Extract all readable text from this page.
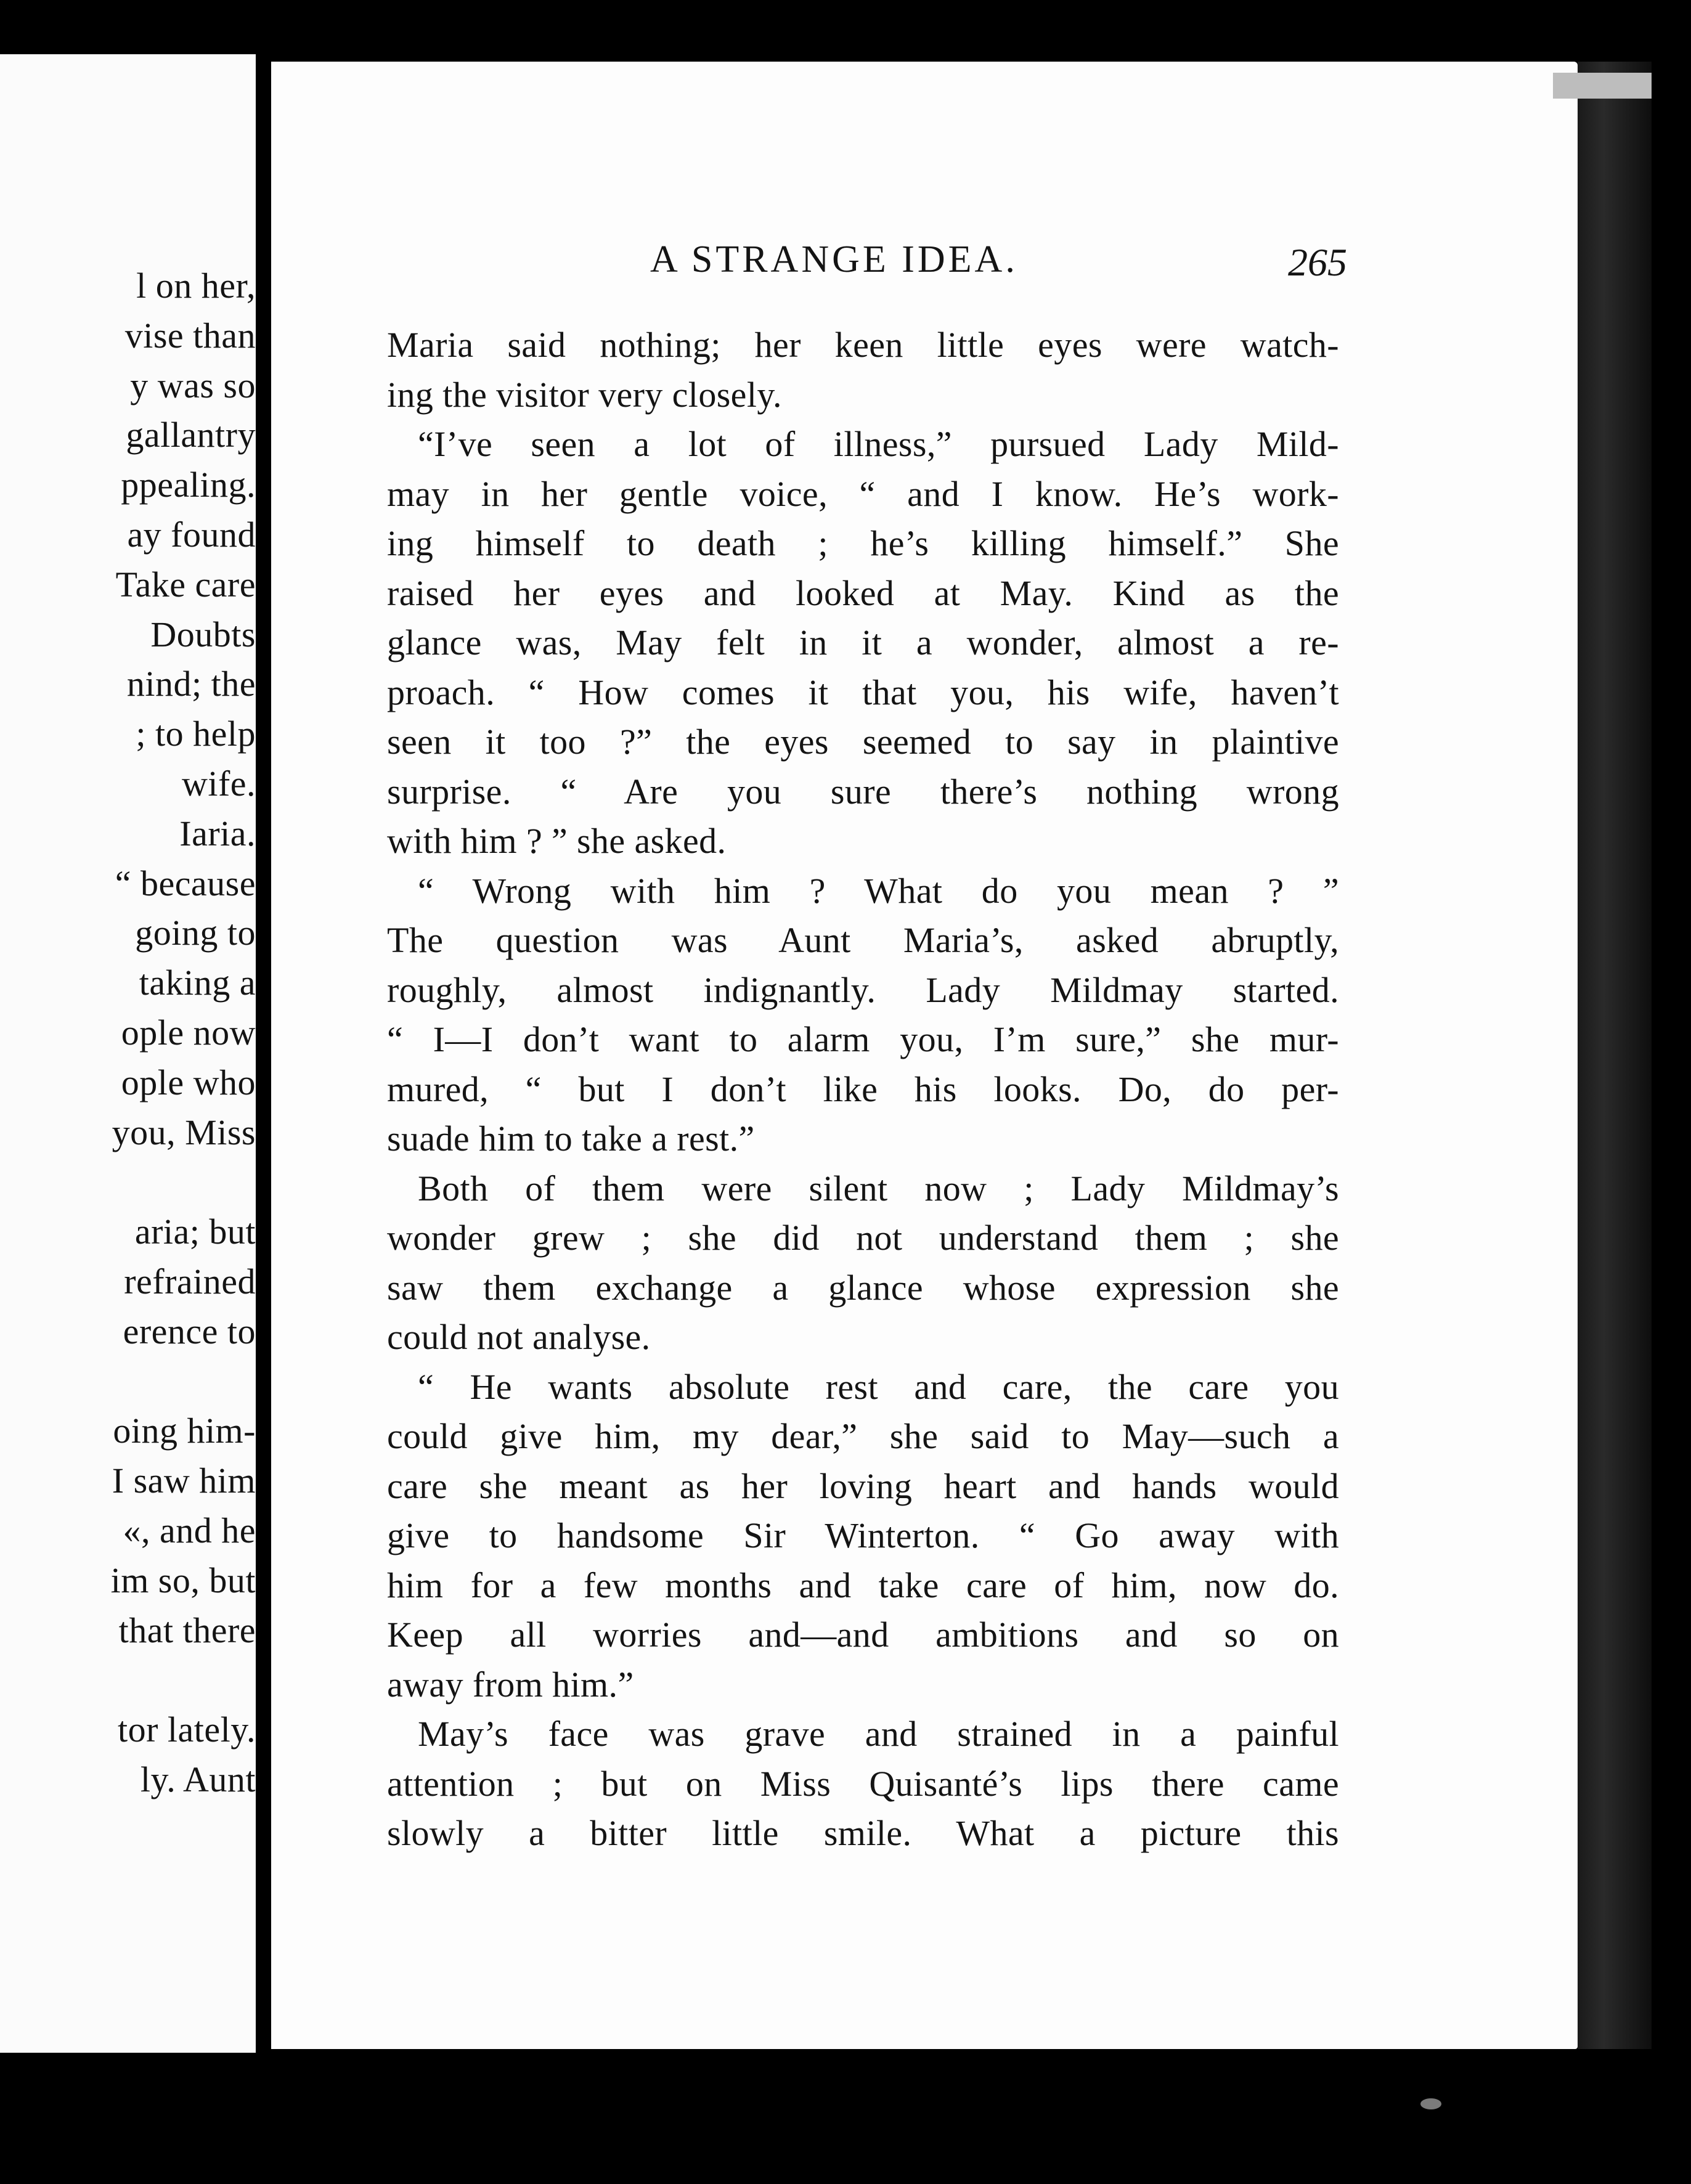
l on her,
vise than
y was so
gallantry
ppealing.
ay found
Take care
Doubts
nind; the
; to help
wife.
Iaria.
“ because
going to
taking a
ople now
ople who
you, Miss
aria; but
refrained
erence to
oing him-
I saw him
«, and he
im so, but
that there
tor lately.
ly. Aunt
A STRANGE IDEA.	265
Maria said nothing; her keen little eyes were watch-
ing the visitor very closely.
“I’ve seen a lot of illness,” pursued Lady Mild-
may in her gentle voice, “ and I know. He’s work-
ing himself to death ; he’s killing himself.” She
raised her eyes and looked at May. Kind as the
glance was, May felt in it a wonder, almost a re-
proach. “ How comes it that you, his wife, haven’t
seen it too ?” the eyes seemed to say in plaintive
surprise. “ Are you sure there’s nothing wrong
with him ? ” she asked.
“ Wrong with him ? What do you mean ? ”
The question was Aunt Maria’s, asked abruptly,
roughly, almost indignantly. Lady Mildmay started.
“ I—I don’t want to alarm you, I’m sure,” she mur-
mured, “ but I don’t like his looks. Do, do per-
suade him to take a rest.”
Both of them were silent now ; Lady Mildmay’s
wonder grew ; she did not understand them ; she
saw them exchange a glance whose expression she
could not analyse.
“ He wants absolute rest and care, the care you
could give him, my dear,” she said to May—such a
care she meant as her loving heart and hands would
give to handsome Sir Winterton. “ Go away with
him for a few months and take care of him, now do.
Keep all worries and—and ambitions and so on
away from him.”
May’s face was grave and strained in a painful
attention ; but on Miss Quisanté’s lips there came
slowly a bitter little smile. What a picture this
